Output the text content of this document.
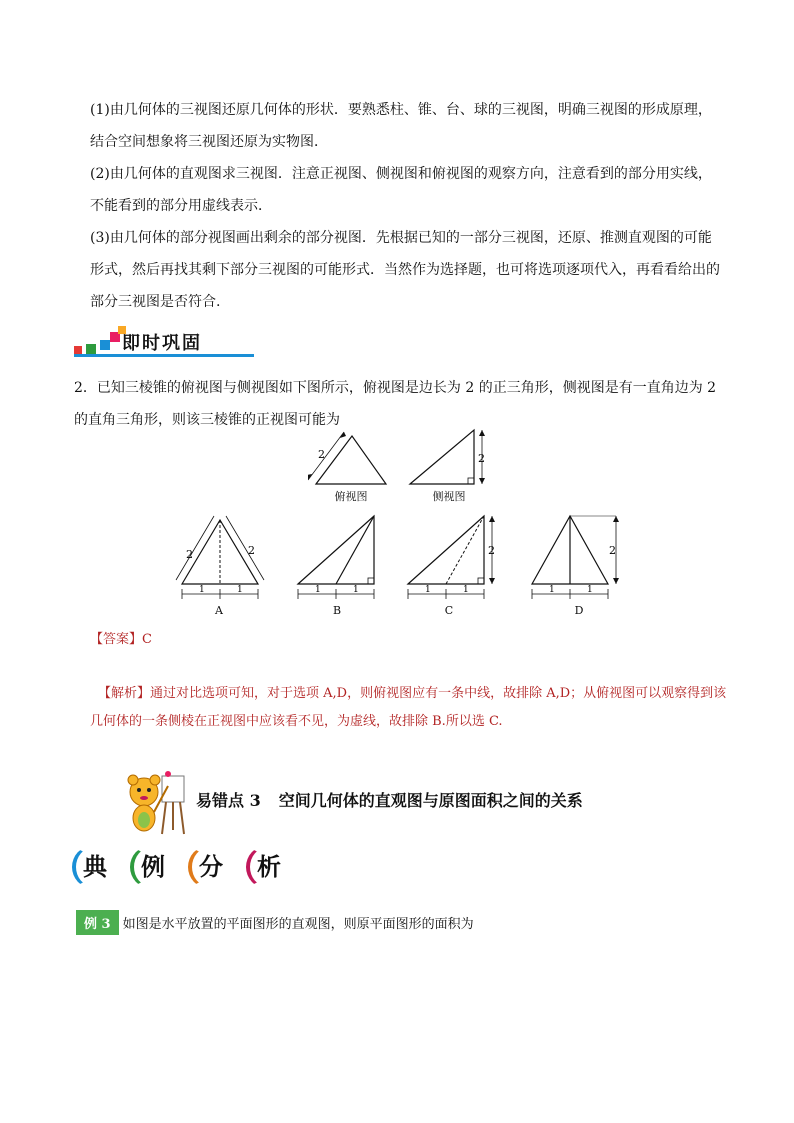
(1)由几何体的三视图还原几何体的形状．要熟悉柱、锥、台、球的三视图，明确三视图的形成原理，结合空间想象将三视图还原为实物图．

(2)由几何体的直观图求三视图．注意正视图、侧视图和俯视图的观察方向，注意看到的部分用实线，不能看到的部分用虚线表示．

(3)由几何体的部分视图画出剩余的部分视图．先根据已知的一部分三视图，还原、推测直观图的可能形式，然后再找其剩下部分三视图的可能形式．当然作为选择题，也可将选项逐项代入，再看看给出的部分三视图是否符合.

即时巩固

2．已知三棱锥的俯视图与侧视图如下图所示，俯视图是边长为 2 的正三角形，侧视图是有一直角边为 2 的直角三角形，则该三棱锥的正视图可能为

2
俯视图
2
侧视图
2	2
1	1
A
1	1
B
2
1	1
C
2
1	1
D
【答案】C

【解析】通过对比选项可知，对于选项 A,D，则俯视图应有一条中线，故排除 A,D；从俯视图可以观察得到该几何体的一条侧棱在正视图中应该看不见，为虚线，故排除 B.所以选 C.

易错点 3 空间几何体的直观图与原图面积之间的关系
典 例 分 析
例 3 如图是水平放置的平面图形的直观图，则原平面图形的面积为
